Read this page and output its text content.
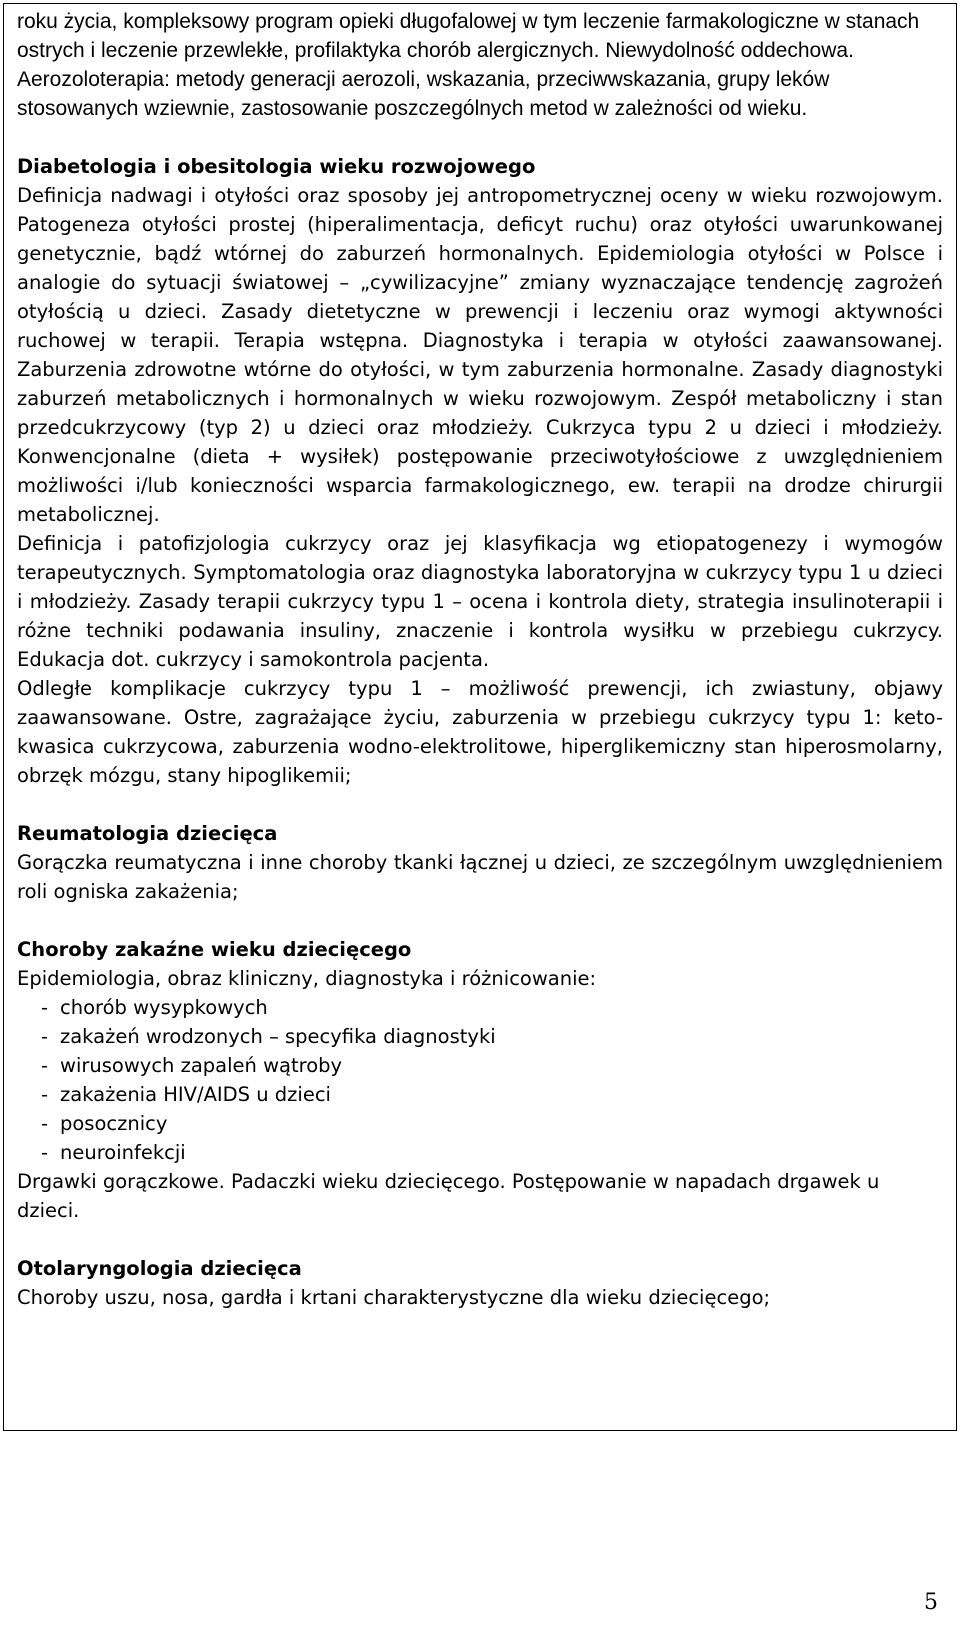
roku życia, kompleksowy program opieki długofalowej w tym leczenie farmakologiczne w stanach ostrych i leczenie przewlekłe, profilaktyka chorób alergicznych. Niewydolność oddechowa. Aerozoloterapia: metody generacji aerozoli, wskazania, przeciwwskazania, grupy leków stosowanych wziewnie, zastosowanie poszczególnych metod w zależności od wieku.

Diabetologia i obesitologia wieku rozwojowego

Definicja nadwagi i otyłości oraz sposoby jej antropometrycznej oceny w wieku rozwojowym. Patogeneza otyłości prostej (hiperalimentacja, deficyt ruchu) oraz otyłości uwarunkowanej genetycznie, bądź wtórnej do zaburzeń hormonalnych. Epidemiologia otyłości w Polsce i analogie do sytuacji światowej – „cywilizacyjne” zmiany wyznaczające tendencję zagrożeń otyłością u dzieci. Zasady dietetyczne w prewencji i leczeniu oraz wymogi aktywności ruchowej w terapii. Terapia wstępna. Diagnostyka i terapia w otyłości zaawansowanej. Zaburzenia zdrowotne wtórne do otyłości, w tym zaburzenia hormonalne. Zasady diagnostyki zaburzeń metabolicznych i hormonalnych w wieku rozwojowym. Zespół metaboliczny i stan przedcukrzycowy (typ 2) u dzieci oraz młodzieży. Cukrzyca typu 2 u dzieci i młodzieży. Konwencjonalne (dieta + wysiłek) postępowanie przeciwotyłościowe z uwzględnieniem możliwości i/lub konieczności wsparcia farmakologicznego, ew. terapii na drodze chirurgii metabolicznej.

Definicja i patofizjologia cukrzycy oraz jej klasyfikacja wg etiopatogenezy i wymogów terapeutycznych. Symptomatologia oraz diagnostyka laboratoryjna w cukrzycy typu 1 u dzieci i młodzieży. Zasady terapii cukrzycy typu 1 – ocena i kontrola diety, strategia insulinoterapii i różne techniki podawania insuliny, znaczenie i kontrola wysiłku w przebiegu cukrzycy. Edukacja dot. cukrzycy i samokontrola pacjenta.

Odległe komplikacje cukrzycy typu 1 – możliwość prewencji, ich zwiastuny, objawy zaawansowane. Ostre, zagrażające życiu, zaburzenia w przebiegu cukrzycy typu 1: keto-kwasica cukrzycowa, zaburzenia wodno-elektrolitowe, hiperglikemiczny stan hiperosmolarny, obrzęk mózgu, stany hipoglikemii;

Reumatologia dziecięca

Gorączka reumatyczna i inne choroby tkanki łącznej u dzieci, ze szczególnym uwzględnieniem roli ogniska zakażenia;

Choroby zakaźne wieku dziecięcego

Epidemiologia, obraz kliniczny, diagnostyka i różnicowanie:

- chorób wysypkowych
- zakażeń wrodzonych – specyfika diagnostyki
- wirusowych zapaleń wątroby
- zakażenia HIV/AIDS u dzieci
- posocznicy
- neuroinfekcji

Drgawki gorączkowe. Padaczki wieku dziecięcego. Postępowanie w napadach drgawek u dzieci.

Otolaryngologia dziecięca

Choroby uszu, nosa, gardła i krtani charakterystyczne dla wieku dziecięcego;

5
